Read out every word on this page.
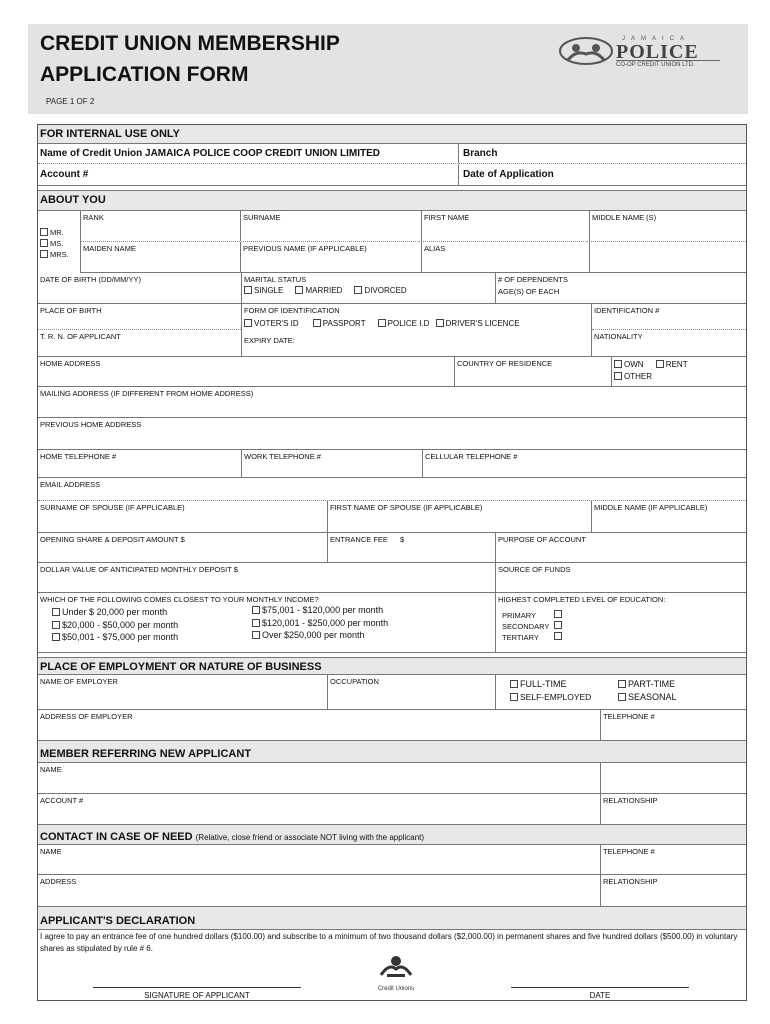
CREDIT UNION MEMBERSHIP
APPLICATION FORM
PAGE 1 OF 2
JAMAICA
POLICE
CO-OP CREDIT UNION LTD.
FOR INTERNAL USE ONLY
Name of Credit Union JAMAICA POLICE COOP CREDIT UNION LIMITED	Branch
Account #	Date of Application
ABOUT YOU
MR.
MS.
MRS.
RANK	SURNAME	FIRST NAME	MIDDLE NAME (S)
MAIDEN NAME	PREVIOUS NAME (IF APPLICABLE)	ALIAS
DATE OF BIRTH (DD/MM/YY)	MARITAL STATUS
SINGLE	MARRIED	DIVORCED
# OF DEPENDENTS
AGE(S) OF EACH
PLACE OF BIRTH
T. R. N. OF APPLICANT
FORM OF IDENTIFICATION
VOTER'S ID	PASSPORT	POLICE I.D DRIVER'S LICENCE
EXPIRY DATE:
IDENTIFICATION #
NATIONALITY
HOME ADDRESS	COUNTRY OF RESIDENCE	OWN	RENT
OTHER
MAILING ADDRESS (IF DIFFERENT FROM HOME ADDRESS)
PREVIOUS HOME ADDRESS
HOME TELEPHONE #	WORK TELEPHONE #	CELLULAR TELEPHONE #
EMAIL ADDRESS
SURNAME OF SPOUSE (IF APPLICABLE)	FIRST NAME OF SPOUSE (IF APPLICABLE)	MIDDLE NAME (IF APPLICABLE)
OPENING SHARE & DEPOSIT AMOUNT $	ENTRANCE FEE $	PURPOSE OF ACCOUNT
DOLLAR VALUE OF ANTICIPATED MONTHLY DEPOSIT $	SOURCE OF FUNDS
WHICH OF THE FOLLOWING COMES CLOSEST TO YOUR MONTHLY INCOME?
Under $ 20,000 per month
$20,000 - $50,000 per month
$50,001 - $75,000 per month
$75,001 - $120,000 per month
$120,001 - $250,000 per month
Over $250,000 per month
HIGHEST COMPLETED LEVEL OF EDUCATION:
PRIMARY
SECONDARY
TERTIARY
PLACE OF EMPLOYMENT OR NATURE OF BUSINESS
NAME OF EMPLOYER	OCCUPATION	FULL-TIME	PART-TIME
SELF-EMPLOYED	SEASONAL
ADDRESS OF EMPLOYER	TELEPHONE #
MEMBER REFERRING NEW APPLICANT
NAME
ACCOUNT #	RELATIONSHIP
CONTACT IN CASE OF NEED (Relative, close friend or associate NOT living with the applicant)
NAME	TELEPHONE #
ADDRESS	RELATIONSHIP
APPLICANT'S DECLARATION
I agree to pay an entrance fee of one hundred dollars ($100.00) and subscribe to a minimum of two thousand dollars ($2,000.00) in permanent shares and five hundred dollars ($500.00) in voluntary shares as stipulated by rule # 6.
Credit Unions
SIGNATURE OF APPLICANT	DATE
